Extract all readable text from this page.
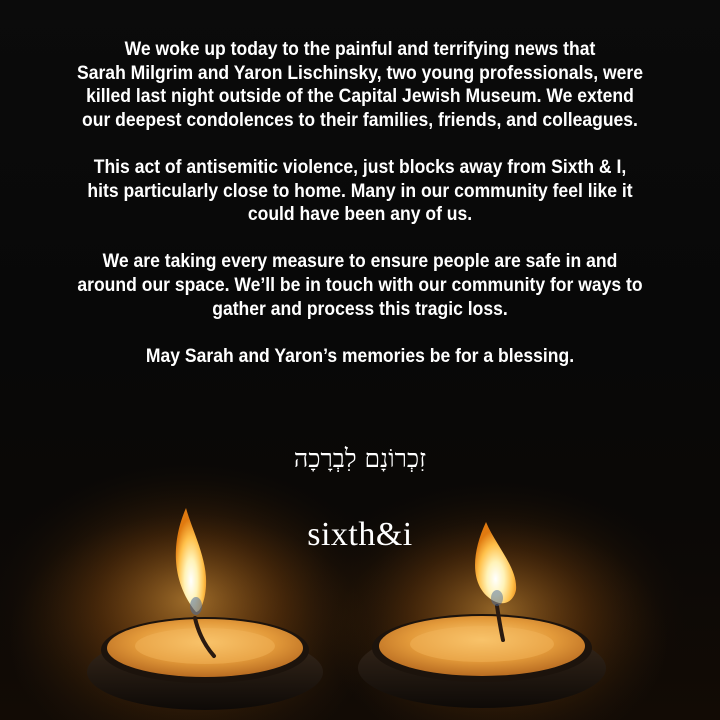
We woke up today to the painful and terrifying news that
Sarah Milgrim and Yaron Lischinsky, two young professionals, were
killed last night outside of the Capital Jewish Museum. We extend
our deepest condolences to their families, friends, and colleagues.

This act of antisemitic violence, just blocks away from Sixth & I,
hits particularly close to home. Many in our community feel like it
could have been any of us.

We are taking every measure to ensure people are safe in and
around our space. We’ll be in touch with our community for ways to
gather and process this tragic loss.

May Sarah and Yaron’s memories be for a blessing.

זִכְרוֹנָם לִבְרָכָה
sixth&i
